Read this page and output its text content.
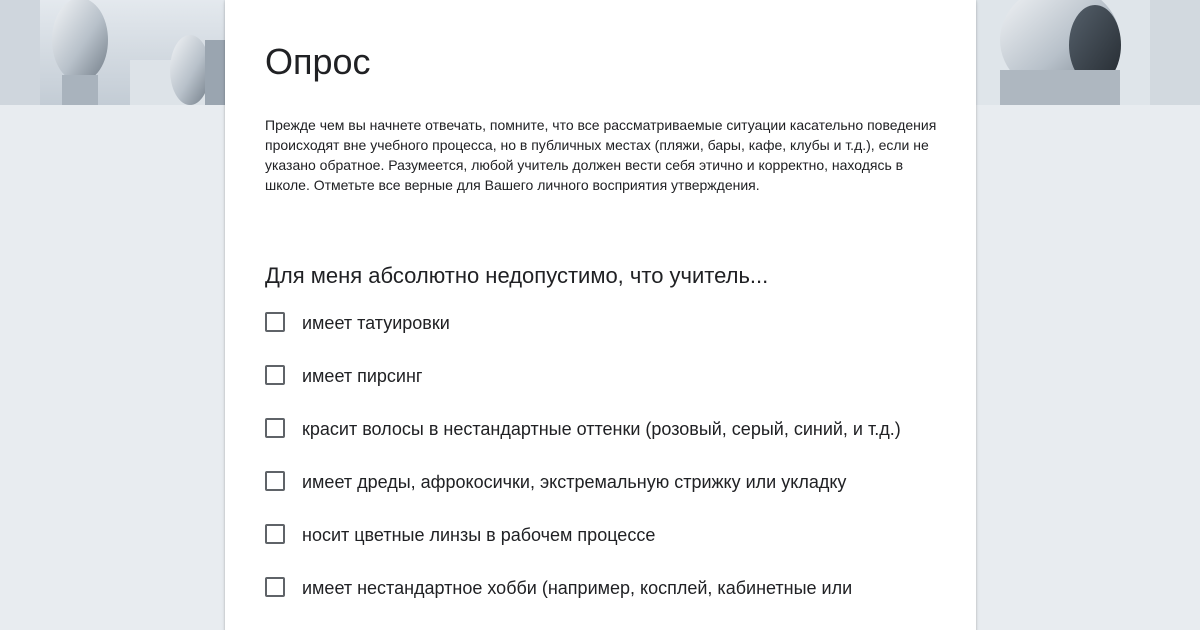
Опрос

Прежде чем вы начнете отвечать, помните, что все рассматриваемые ситуации касательно поведения происходят вне учебного процесса, но в публичных местах (пляжи, бары, кафе, клубы и т.д.), если не указано обратное. Разумеется, любой учитель должен вести себя этично и корректно, находясь в школе. Отметьте все верные для Вашего личного восприятия утверждения.

Для меня абсолютно недопустимо, что учитель...
имеет татуировки
имеет пирсинг
красит волосы в нестандартные оттенки (розовый, серый, синий, и т.д.)
имеет дреды, афрокосички, экстремальную стрижку или укладку
носит цветные линзы в рабочем процессе
имеет нестандартное хобби (например, косплей, кабинетные или
